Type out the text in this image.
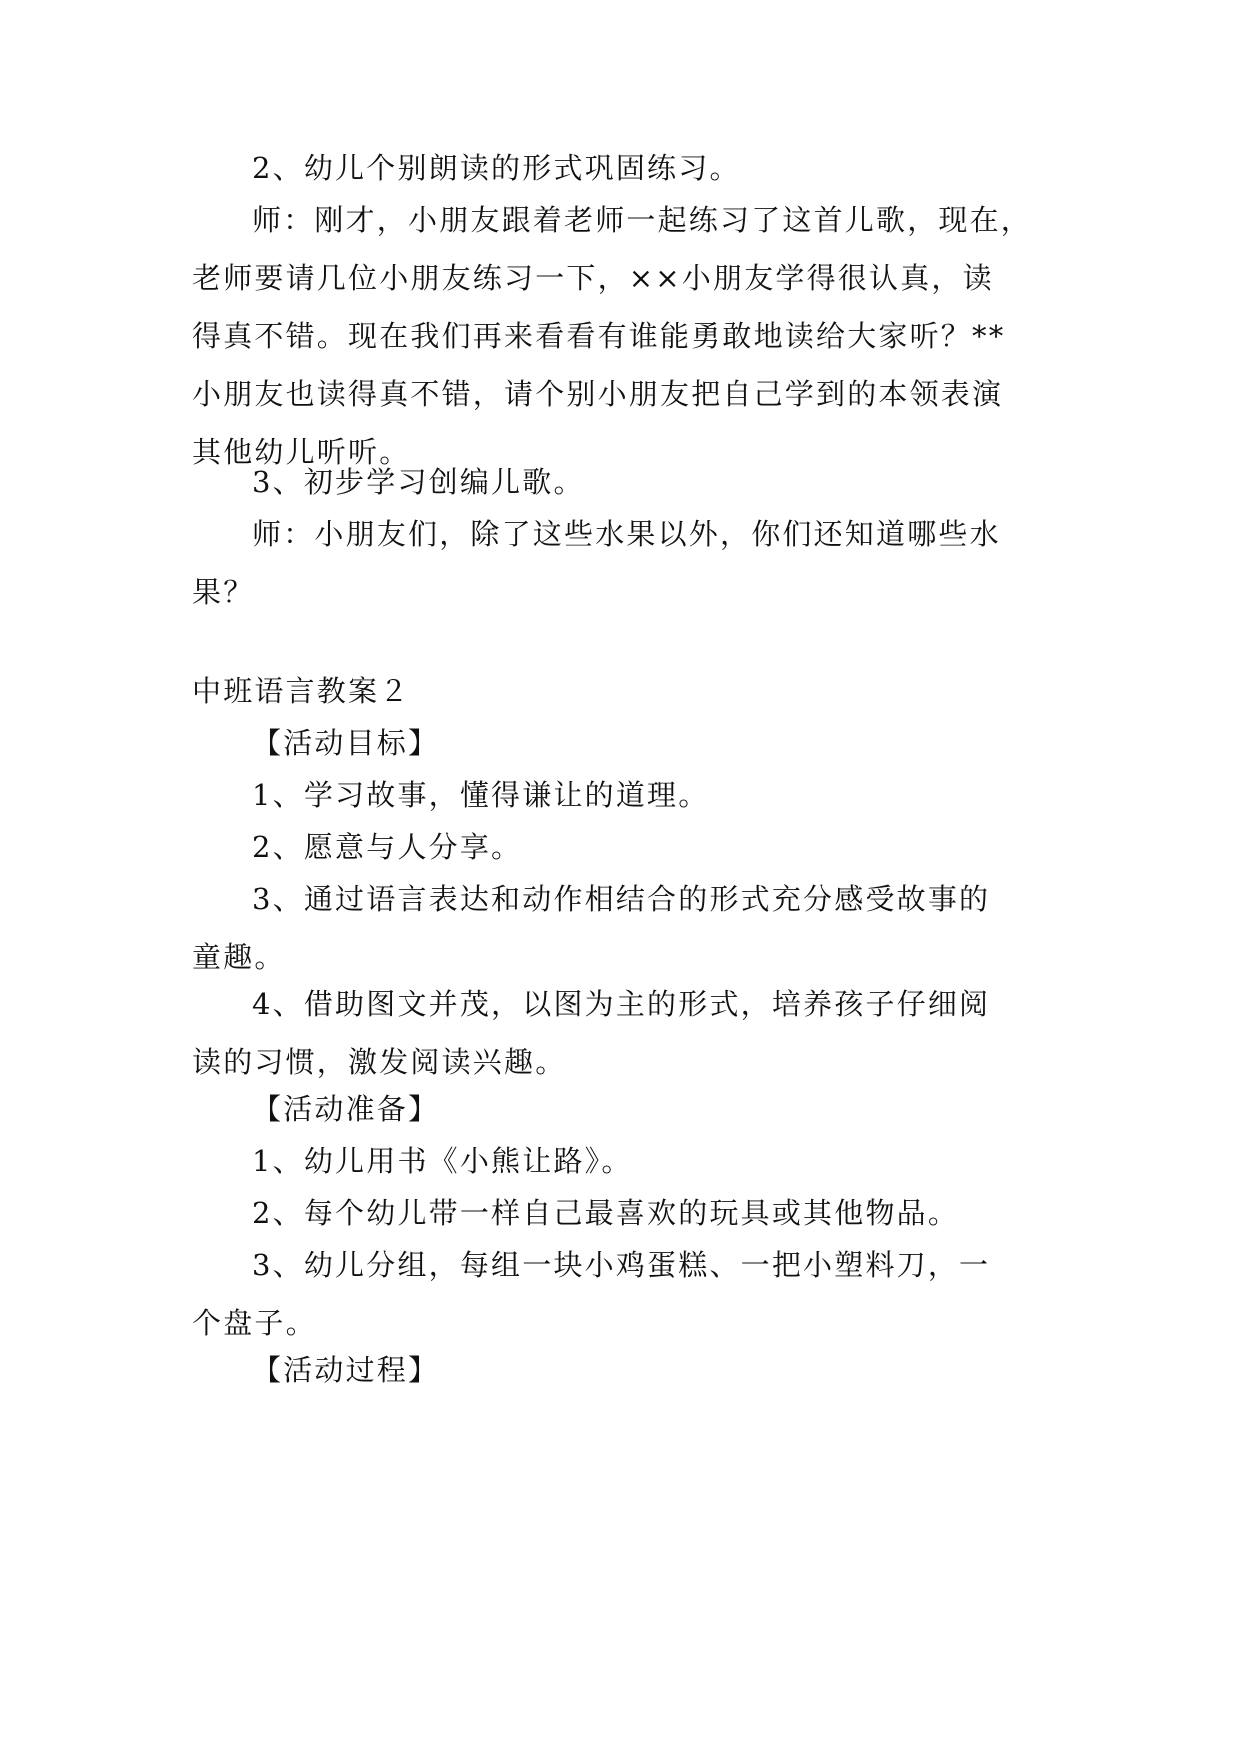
2、幼儿个别朗读的形式巩固练习。

师：刚才，小朋友跟着老师一起练习了这首儿歌，现在，
老师要请几位小朋友练习一下，××小朋友学得很认真，读
得真不错。现在我们再来看看有谁能勇敢地读给大家听？**
小朋友也读得真不错，请个别小朋友把自己学到的本领表演
其他幼儿听听。

3、初步学习创编儿歌。

师：小朋友们，除了这些水果以外，你们还知道哪些水
果？

中班语言教案２

【活动目标】

1、学习故事，懂得谦让的道理。

2、愿意与人分享。

3、通过语言表达和动作相结合的形式充分感受故事的
童趣。

4、借助图文并茂，以图为主的形式，培养孩子仔细阅
读的习惯，激发阅读兴趣。

【活动准备】

1、幼儿用书《小熊让路》。

2、每个幼儿带一样自己最喜欢的玩具或其他物品。

3、幼儿分组，每组一块小鸡蛋糕、一把小塑料刀，一
个盘子。

【活动过程】
